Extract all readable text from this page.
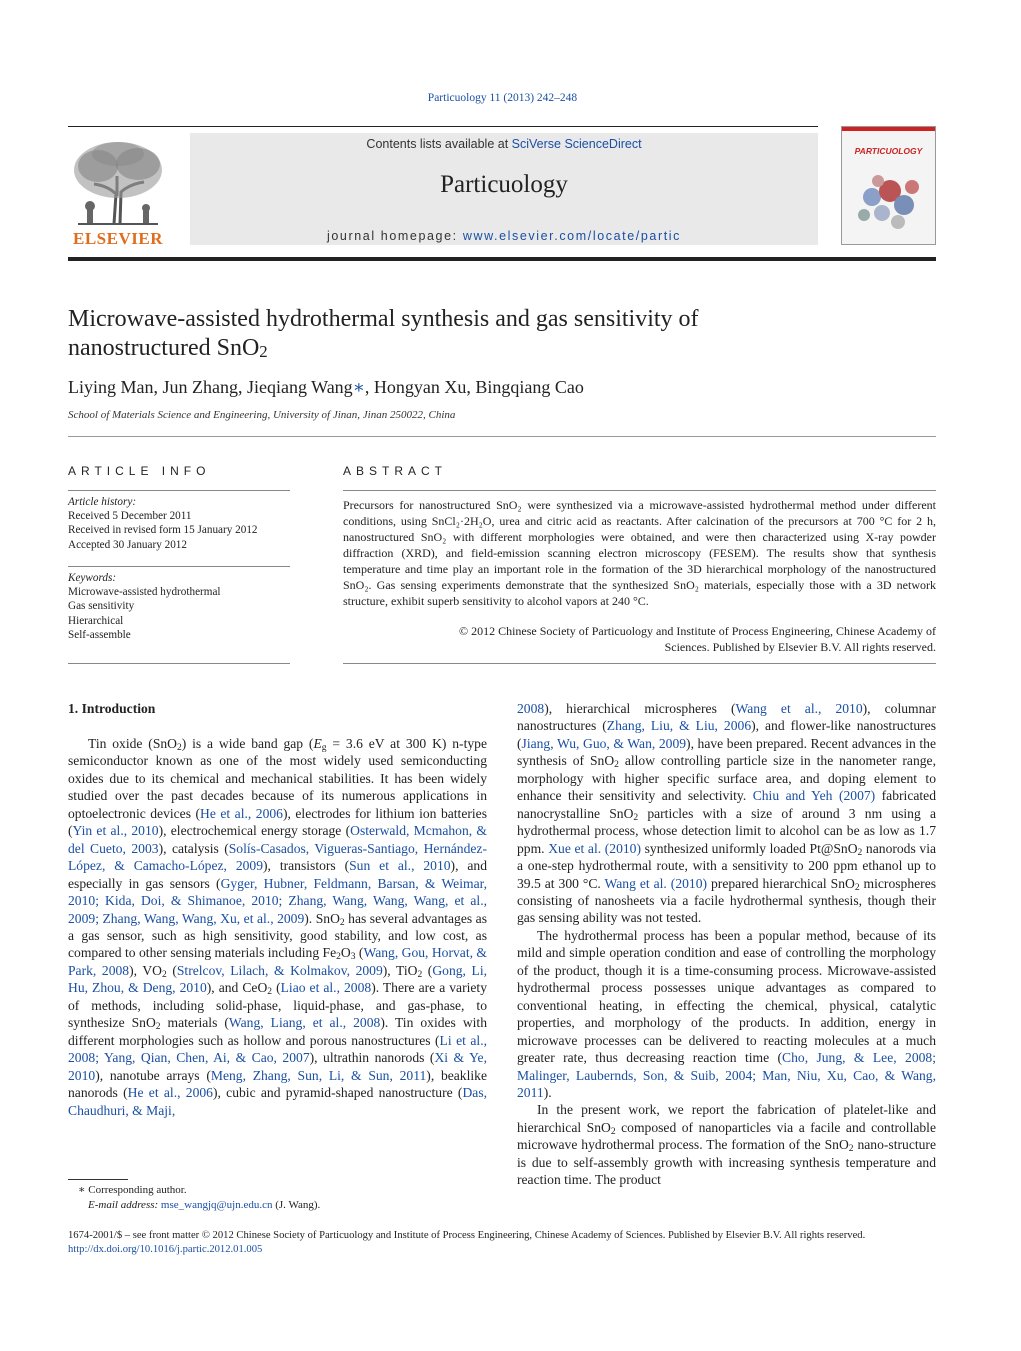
Particuology 11 (2013) 242–248
ELSEVIER
Contents lists available at SciVerse ScienceDirect
Particuology
journal homepage: www.elsevier.com/locate/partic
PARTICUOLOGY
Microwave-assisted hydrothermal synthesis and gas sensitivity of
nanostructured SnO$_2$
Liying Man, Jun Zhang, Jieqiang Wang∗, Hongyan Xu, Bingqiang Cao
School of Materials Science and Engineering, University of Jinan, Jinan 250022, China
ARTICLE INFO	ABSTRACT
Article history:
Received 5 December 2011
Received in revised form 15 January 2012
Accepted 30 January 2012
Keywords:
Microwave-assisted hydrothermal
Gas sensitivity
Hierarchical
Self-assemble
Precursors for nanostructured SnO₂ were synthesized via a microwave-assisted hydrothermal method under different conditions, using SnCl₂·2H₂O, urea and citric acid as reactants. After calcination of the precursors at 700 °C for 2 h, nanostructured SnO₂ with different morphologies were obtained, and were then characterized using X-ray powder diffraction (XRD), and field-emission scanning electron microscopy (FESEM). The results show that synthesis temperature and time play an important role in the formation of the 3D hierarchical morphology of the nanostructured SnO₂. Gas sensing experiments demonstrate that the synthesized SnO₂ materials, especially those with a 3D network structure, exhibit superb sensitivity to alcohol vapors at 240 °C.
© 2012 Chinese Society of Particuology and Institute of Process Engineering, Chinese Academy of
Sciences. Published by Elsevier B.V. All rights reserved.
1. Introduction

Tin oxide (SnO$_2$) is a wide band gap ($E_g = 3.6$ eV at 300 K) n-type semiconductor known as one of the most widely used semiconducting oxides due to its chemical and mechanical stabilities. It has been widely studied over the past decades because of its numerous applications in optoelectronic devices (He et al., 2006), electrodes for lithium ion batteries (Yin et al., 2010), electrochemical energy storage (Osterwald, Mcmahon, & del Cueto, 2003), catalysis (Solís-Casados, Vigueras-Santiago, Hernández-López, & Camacho-López, 2009), transistors (Sun et al., 2010), and especially in gas sensors (Gyger, Hubner, Feldmann, Barsan, & Weimar, 2010; Kida, Doi, & Shimanoe, 2010; Zhang, Wang, Wang, Wang, et al., 2009; Zhang, Wang, Wang, Xu, et al., 2009). SnO$_2$ has several advantages as a gas sensor, such as high sensitivity, good stability, and low cost, as compared to other sensing materials including $Fe_2O_3$ (Wang, Gou, Horvat, & Park, 2008), $VO_2$ (Strelcov, Lilach, & Kolmakov, 2009), TiO$_2$ (Gong, Li, Hu, Zhou, & Deng, 2010), and CeO$_2$ (Liao et al., 2008). There are a variety of methods, including solid-phase, liquid-phase, and gas-phase, to synthesize SnO$_2$ materials (Wang, Liang, et al., 2008). Tin oxides with different morphologies such as hollow and porous nanostructures (Li et al., 2008; Yang, Qian, Chen, Ai, & Cao, 2007), ultrathin nanorods (Xi & Ye, 2010), nanotube arrays (Meng, Zhang, Sun, Li, & Sun, 2011), beaklike nanorods (He et al., 2006), cubic and pyramid-shaped nanostructure (Das, Chaudhuri, & Maji,

2008), hierarchical microspheres (Wang et al., 2010), columnar nanostructures (Zhang, Liu, & Liu, 2006), and flower-like nanostructures (Jiang, Wu, Guo, & Wan, 2009), have been prepared. Recent advances in the synthesis of SnO$_2$ allow controlling particle size in the nanometer range, morphology with higher specific surface area, and doping element to enhance their sensitivity and selectivity. Chiu and Yeh (2007) fabricated nanocrystalline SnO$_2$ particles with a size of around 3 nm using a hydrothermal process, whose detection limit to alcohol can be as low as 1.7 ppm. Xue et al. (2010) synthesized uniformly loaded Pt@SnO$_2$ nanorods via a one-step hydrothermal route, with a sensitivity to 200 ppm ethanol up to 39.5 at 300 °C. Wang et al. (2010) prepared hierarchical SnO$_2$ microspheres consisting of nanosheets via a facile hydrothermal synthesis, though their gas sensing ability was not tested.

The hydrothermal process has been a popular method, because of its mild and simple operation condition and ease of controlling the morphology of the product, though it is a time-consuming process. Microwave-assisted hydrothermal process possesses unique advantages as compared to conventional heating, in effecting the chemical, physical, catalytic properties, and morphology of the products. In addition, energy in microwave processes can be delivered to reacting molecules at a much greater rate, thus decreasing reaction time (Cho, Jung, & Lee, 2008; Malinger, Laubernds, Son, & Suib, 2004; Man, Niu, Xu, Cao, & Wang, 2011).

In the present work, we report the fabrication of platelet-like and hierarchical SnO$_2$ composed of nanoparticles via a facile and controllable microwave hydrothermal process. The formation of the SnO$_2$ nano-structure is due to self-assembly growth with increasing synthesis temperature and reaction time. The product

∗ Corresponding author.
E-mail address: mse_wangjq@ujn.edu.cn (J. Wang).
1674-2001/$ – see front matter © 2012 Chinese Society of Particuology and Institute of Process Engineering, Chinese Academy of Sciences. Published by Elsevier B.V. All rights reserved.
http://dx.doi.org/10.1016/j.partic.2012.01.005
